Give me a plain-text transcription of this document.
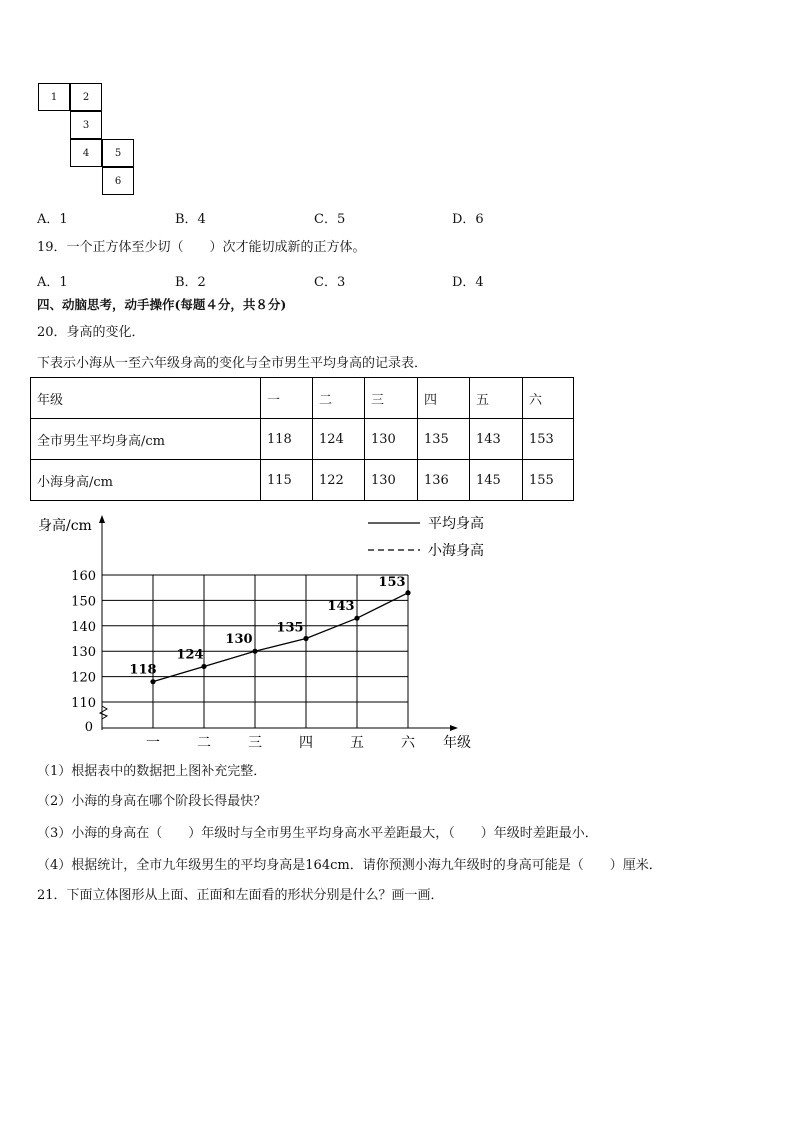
1	2
3
4	5
6
A．1	B．4	C．5	D．6
19．一个正方体至少切（　　）次才能切成新的正方体。
A．1	B．2	C．3	D．4
四、动脑思考，动手操作(每题４分，共８分)
20．身高的变化．
下表示小海从一至六年级身高的变化与全市男生平均身高的记录表．
年级	一	二	三	四	五	六
全市男生平均身高/cm	118	124	130	135	143	153
小海身高/cm	115	122	130	136	145	155
0
110
120
130
140
150
160
一	二	三	四	五	六
身高/cm
年级
118
124
130
135
143
153
平均身高
小海身高
（1）根据表中的数据把上图补充完整．
（2）小海的身高在哪个阶段长得最快？
（3）小海的身高在（　　）年级时与全市男生平均身高水平差距最大，（　　）年级时差距最小．
（4）根据统计，全市九年级男生的平均身高是164cm．请你预测小海九年级时的身高可能是（　　）厘米．
21．下面立体图形从上面、正面和左面看的形状分别是什么？画一画．
